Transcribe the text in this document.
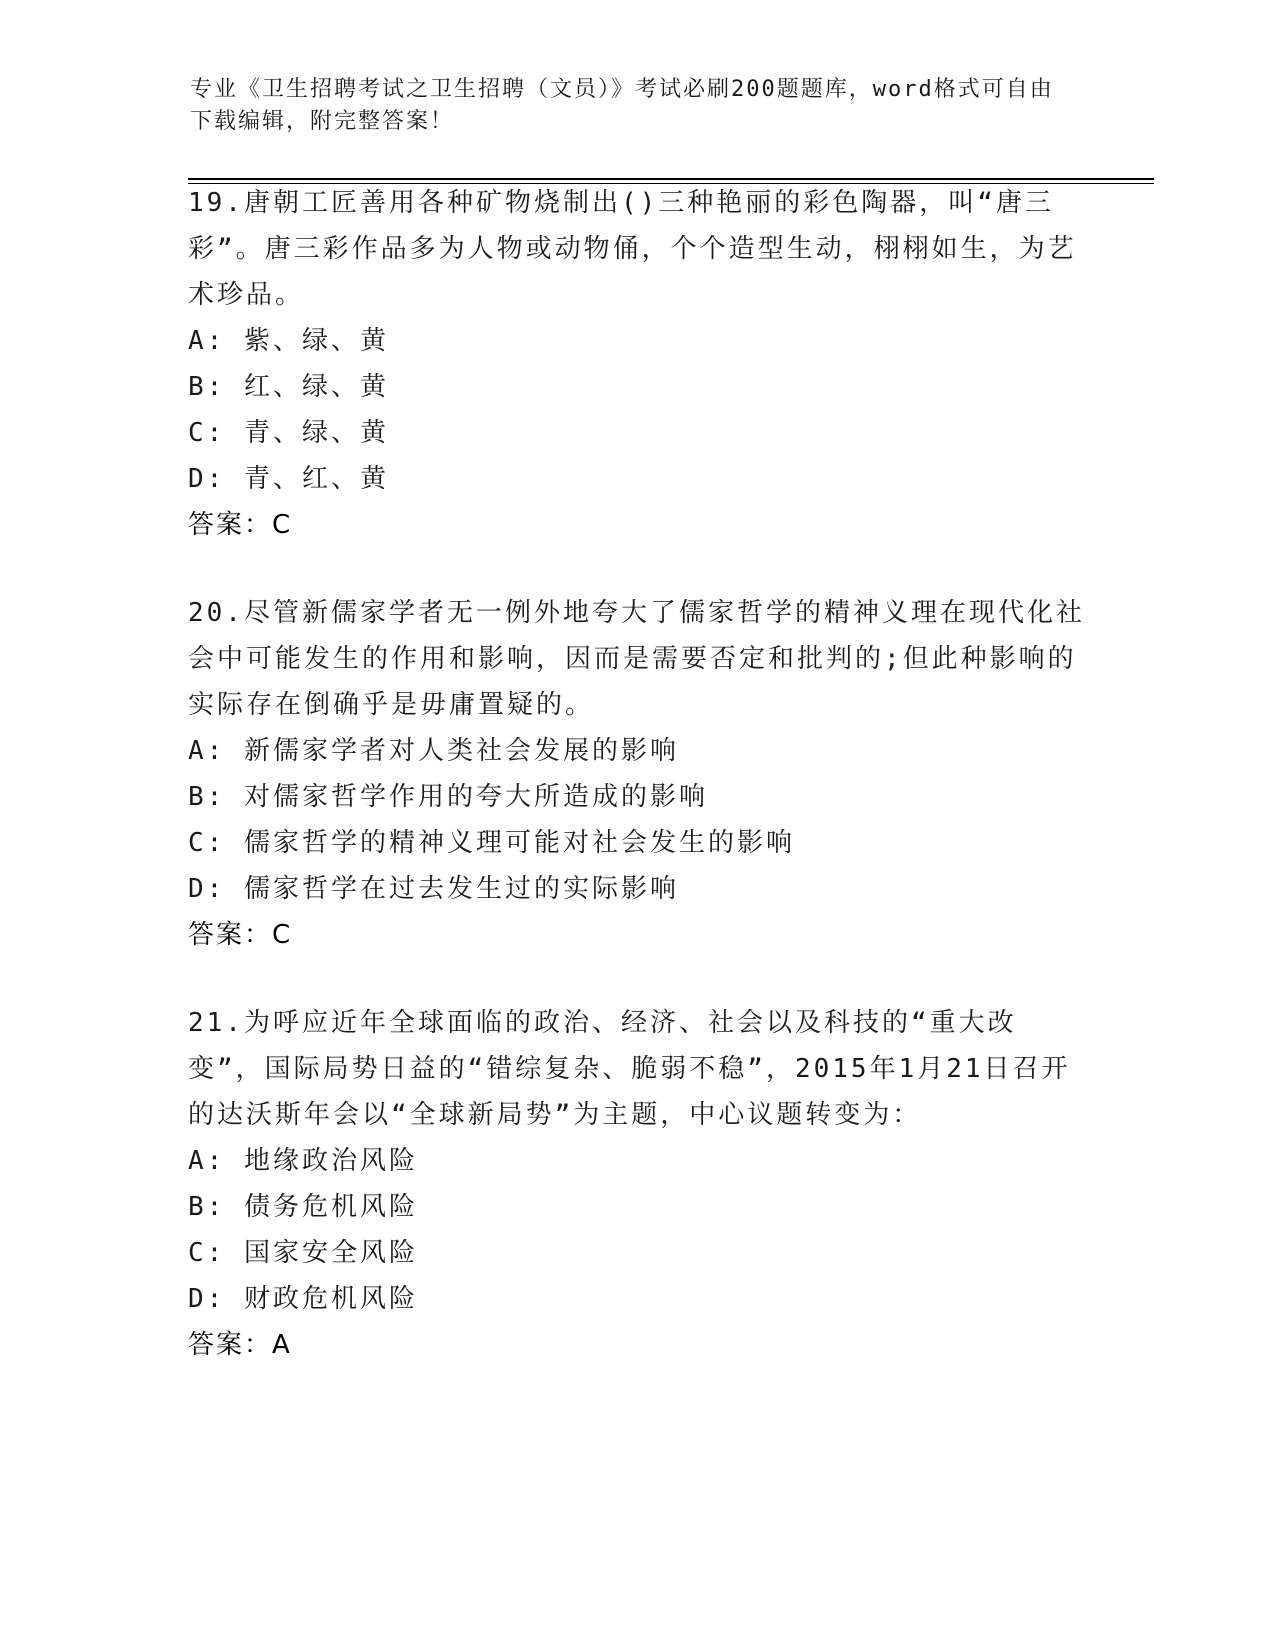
专业《卫生招聘考试之卫生招聘（文员）》考试必刷200题题库，word格式可自由下载编辑，附完整答案！
19.唐朝工匠善用各种矿物烧制出()三种艳丽的彩色陶器，叫“唐三彩”。唐三彩作品多为人物或动物俑，个个造型生动，栩栩如生，为艺术珍品。
A: 紫、绿、黄
B: 红、绿、黄
C: 青、绿、黄
D: 青、红、黄
答案：C
20.尽管新儒家学者无一例外地夸大了儒家哲学的精神义理在现代化社会中可能发生的作用和影响，因而是需要否定和批判的;但此种影响的实际存在倒确乎是毋庸置疑的。
A: 新儒家学者对人类社会发展的影响
B: 对儒家哲学作用的夸大所造成的影响
C: 儒家哲学的精神义理可能对社会发生的影响
D: 儒家哲学在过去发生过的实际影响
答案：C
21.为呼应近年全球面临的政治、经济、社会以及科技的“重大改变”，国际局势日益的“错综复杂、脆弱不稳”，2015年1月21日召开的达沃斯年会以“全球新局势”为主题，中心议题转变为：
A: 地缘政治风险
B: 债务危机风险
C: 国家安全风险
D: 财政危机风险
答案：A
